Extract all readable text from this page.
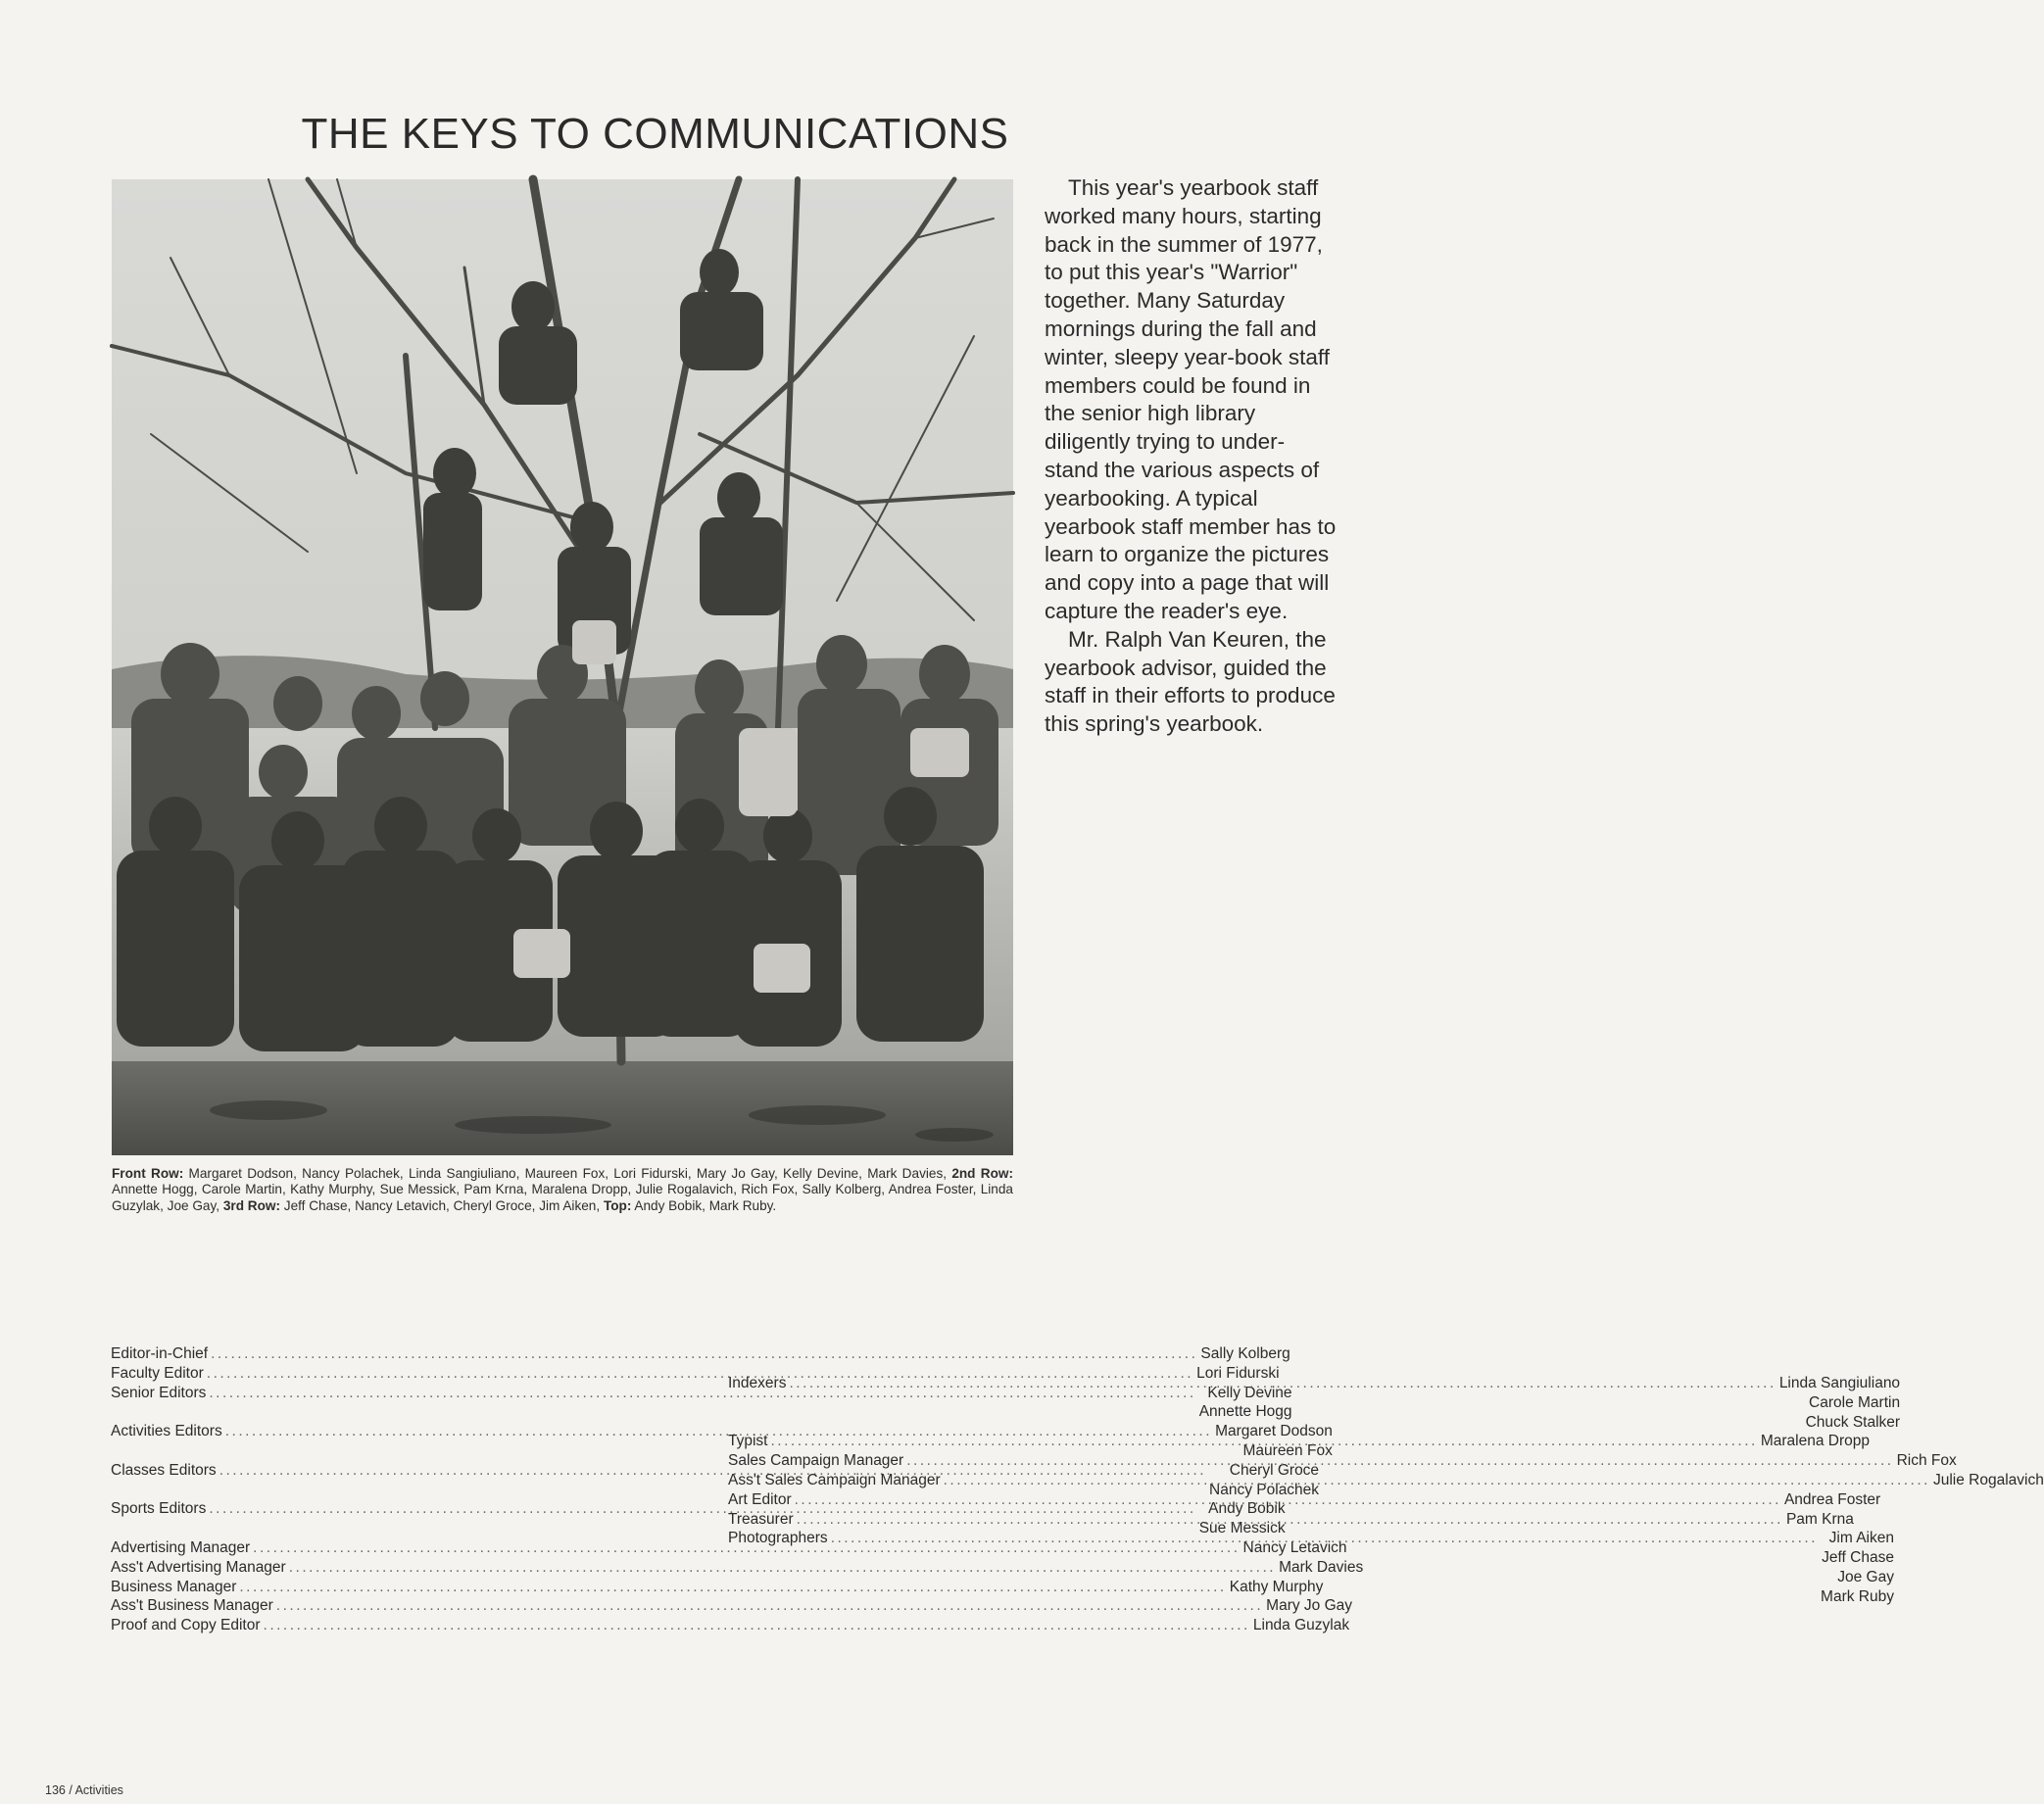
THE KEYS TO COMMUNICATIONS

This year's yearbook staff worked many hours, starting back in the summer of 1977, to put this year's "Warrior" together. Many Saturday mornings during the fall and winter, sleepy year-book staff members could be found in the senior high library diligently trying to under-stand the various aspects of yearbooking. A typical yearbook staff member has to learn to organize the pictures and copy into a page that will capture the reader's eye.

Mr. Ralph Van Keuren, the yearbook advisor, guided the staff in their efforts to produce this spring's yearbook.

Front Row: Margaret Dodson, Nancy Polachek, Linda Sangiuliano, Maureen Fox, Lori Fidurski, Mary Jo Gay, Kelly Devine, Mark Davies, 2nd Row: Annette Hogg, Carole Martin, Kathy Murphy, Sue Messick, Pam Krna, Maralena Dropp, Julie Rogalavich, Rich Fox, Sally Kolberg, Andrea Foster, Linda Guzylak, Joe Gay, 3rd Row: Jeff Chase, Nancy Letavich, Cheryl Groce, Jim Aiken, Top: Andy Bobik, Mark Ruby.
Editor-in-Chief .....	Sally Kolberg
Faculty Editor .....	Lori Fidurski
Senior Editors .....	Kelly Devine
Annette Hogg
Activities Editors .....	Margaret Dodson
Maureen Fox
Classes Editors .....	Cheryl Groce
Nancy Polachek
Sports Editors .....	Andy Bobik
Sue Messick
Advertising Manager .....	Nancy Letavich
Ass't Advertising Manager .....	Mark Davies
Business Manager .....	Kathy Murphy
Ass't Business Manager .....	Mary Jo Gay
Proof and Copy Editor .....	Linda Guzylak
Indexers .....	Linda Sangiuliano
Carole Martin
Chuck Stalker
Typist .....	Maralena Dropp
Sales Campaign Manager .....	Rich Fox
Ass't Sales Campaign Manager .....	Julie Rogalavich
Art Editor .....	Andrea Foster
Treasurer .....	Pam Krna
Photographers .....	Jim Aiken
Jeff Chase
Joe Gay
Mark Ruby
136 / Activities
